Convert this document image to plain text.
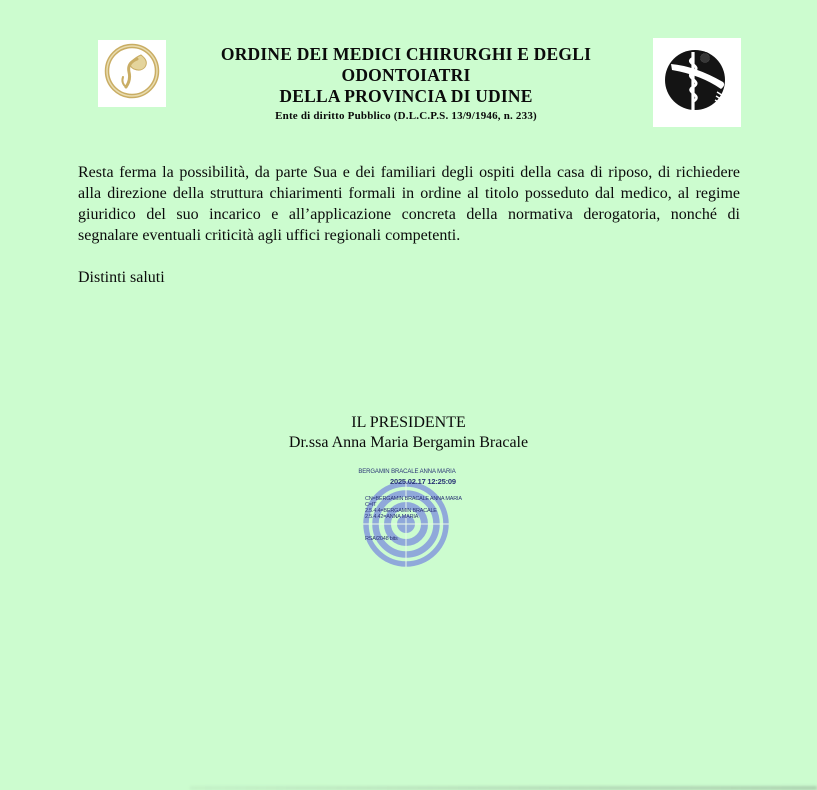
ORDINE DEI MEDICI CHIRURGHI E DEGLI ODONTOIATRI
DELLA PROVINCIA DI UDINE
Ente di diritto Pubblico (D.L.C.P.S. 13/9/1946, n. 233)
Resta ferma la possibilità, da parte Sua e dei familiari degli ospiti della casa di riposo, di richiedere
alla direzione della struttura chiarimenti formali in ordine al titolo posseduto dal medico, al regime
giuridico del suo incarico e all’applicazione concreta della normativa derogatoria, nonché di
segnalare eventuali criticità agli uffici regionali competenti.
Distinti saluti
IL PRESIDENTE
Dr.ssa Anna Maria Bergamin Bracale
BERGAMIN BRACALE ANNA MARIA
2025.02.17 12:25:09
CN=BERGAMIN BRACALE ANNA MARIA
C=IT
2.5.4.4=BERGAMIN BRACALE
2.5.4.42=ANNA MARIA
RSA/2048 bits
